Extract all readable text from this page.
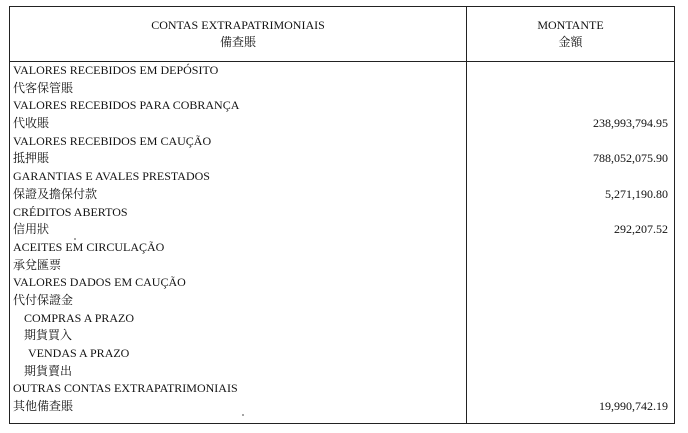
CONTAS EXTRAPATRIMONIAIS
備查賬
MONTANTE
金額
VALORES RECEBIDOS EM DEPÓSITO
代客保管賬
VALORES RECEBIDOS PARA COBRANÇA
代收賬	238,993,794.95
VALORES RECEBIDOS EM CAUÇÃO
抵押賬	788,052,075.90
GARANTIAS E AVALES PRESTADOS
保證及擔保付款	5,271,190.80
CRÉDITOS ABERTOS
信用狀	292,207.52
ACEITES EM CIRCULAÇÃO
承兌匯票
VALORES DADOS EM CAUÇÃO
代付保證金
COMPRAS A PRAZO
期貨買入
VENDAS A PRAZO
期貨賣出
OUTRAS CONTAS EXTRAPATRIMONIAIS
其他備查賬	19,990,742.19
